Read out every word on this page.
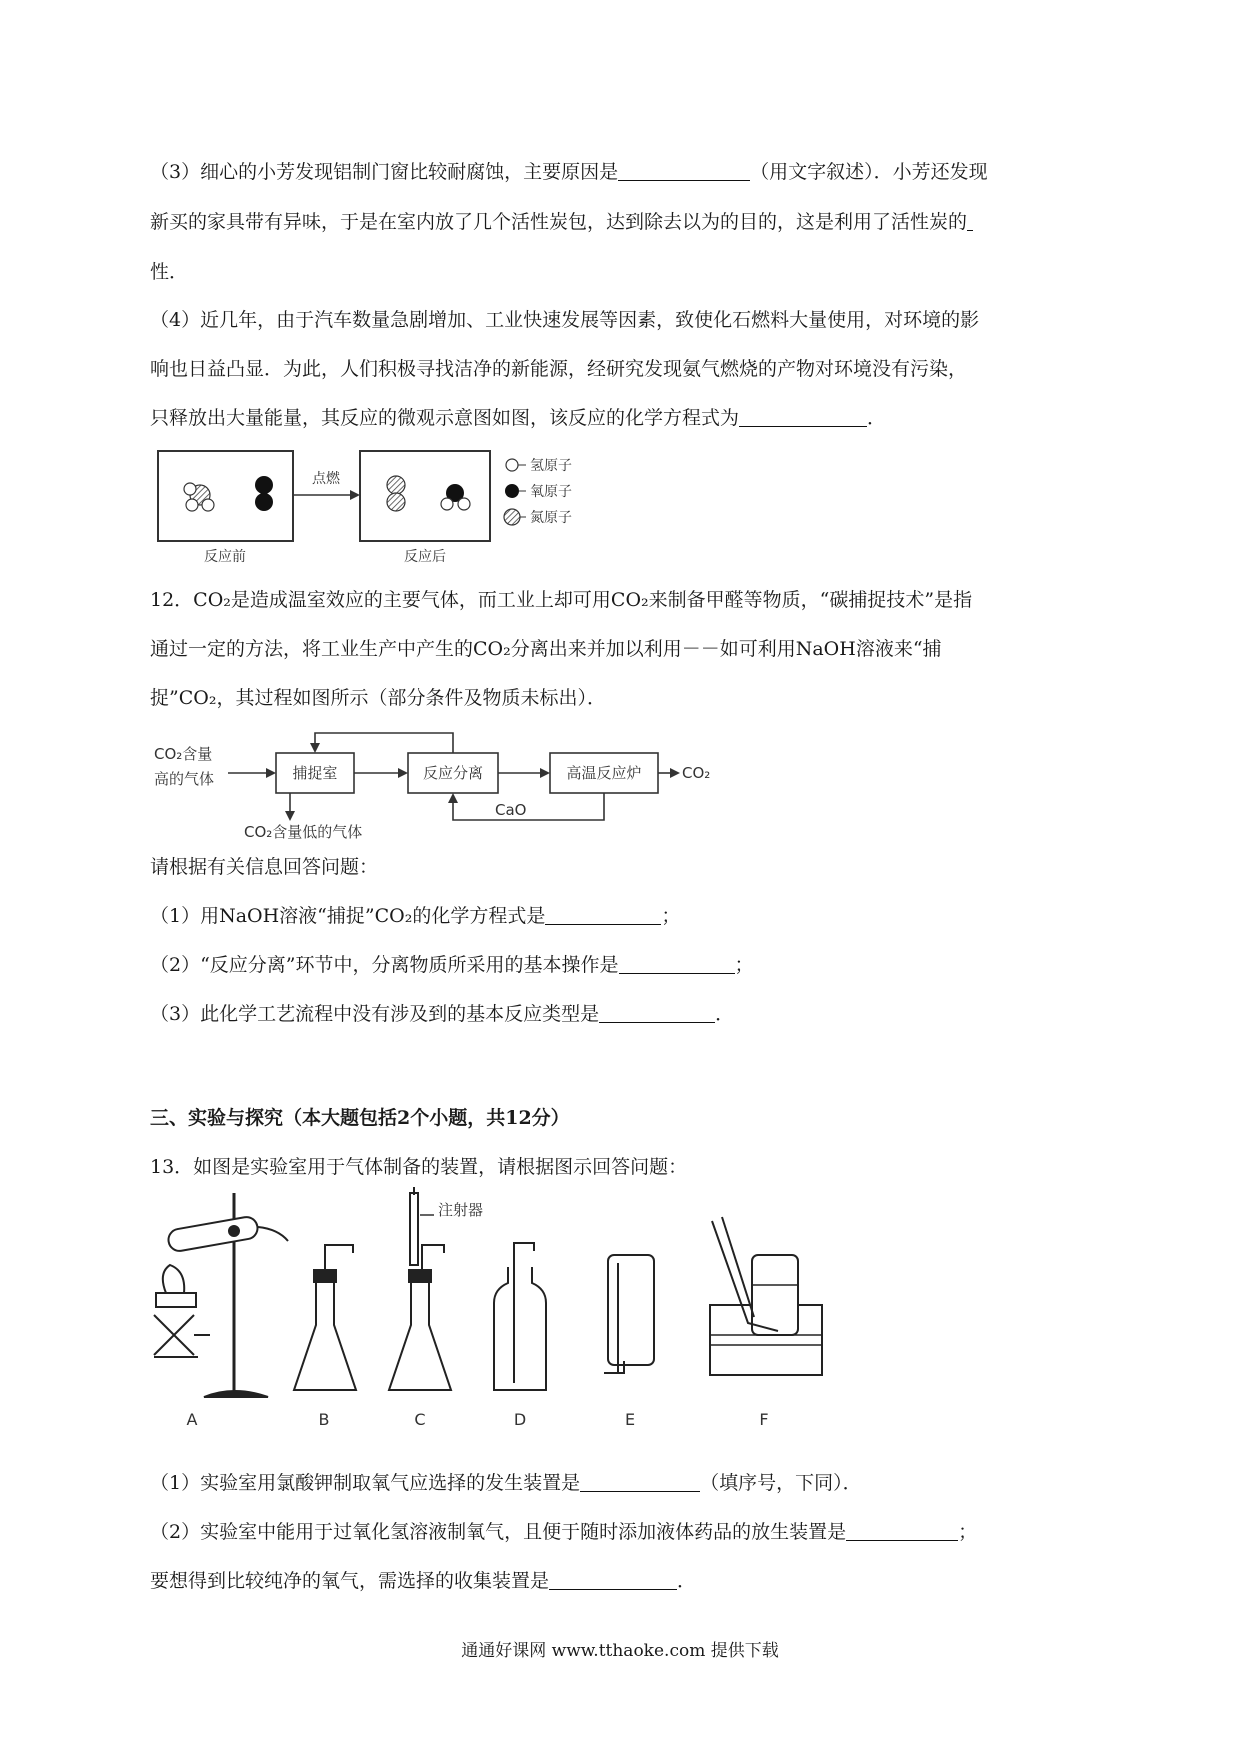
（3）细心的小芳发现铝制门窗比较耐腐蚀，主要原因是	（用文字叙述）．小芳还发现
新买的家具带有异味，于是在室内放了几个活性炭包，达到除去以为的目的，这是利用了活性炭的
性．
（4）近几年，由于汽车数量急剧增加、工业快速发展等因素，致使化石燃料大量使用，对环境的影
响也日益凸显．为此，人们积极寻找洁净的新能源，经研究发现氨气燃烧的产物对环境没有污染，
只释放出大量能量，其反应的微观示意图如图，该反应的化学方程式为	．
点燃
反应前	反应后
氢原子
氧原子
氮原子
12．CO₂是造成温室效应的主要气体，而工业上却可用CO₂来制备甲醛等物质，“碳捕捉技术”是指
通过一定的方法，将工业生产中产生的CO₂分离出来并加以利用－－如可利用NaOH溶液来“捕
捉”CO₂，其过程如图所示（部分条件及物质未标出）．
CO₂含量
高的气体	捕捉室	反应分离	高温反应炉	CO₂
CaO
CO₂含量低的气体
请根据有关信息回答问题：
（1）用NaOH溶液“捕捉”CO₂的化学方程式是	；
（2）“反应分离”环节中，分离物质所采用的基本操作是	；
（3）此化学工艺流程中没有涉及到的基本反应类型是	．
三、实验与探究（本大题包括2个小题，共12分）
13．如图是实验室用于气体制备的装置，请根据图示回答问题：
A	B	C	D	E	F
注射器
（1）实验室用氯酸钾制取氧气应选择的发生装置是	（填序号，下同）．
（2）实验室中能用于过氧化氢溶液制氧气，且便于随时添加液体药品的放生装置是	；
要想得到比较纯净的氧气，需选择的收集装置是	．
通通好课网 www.tthaoke.com 提供下载
